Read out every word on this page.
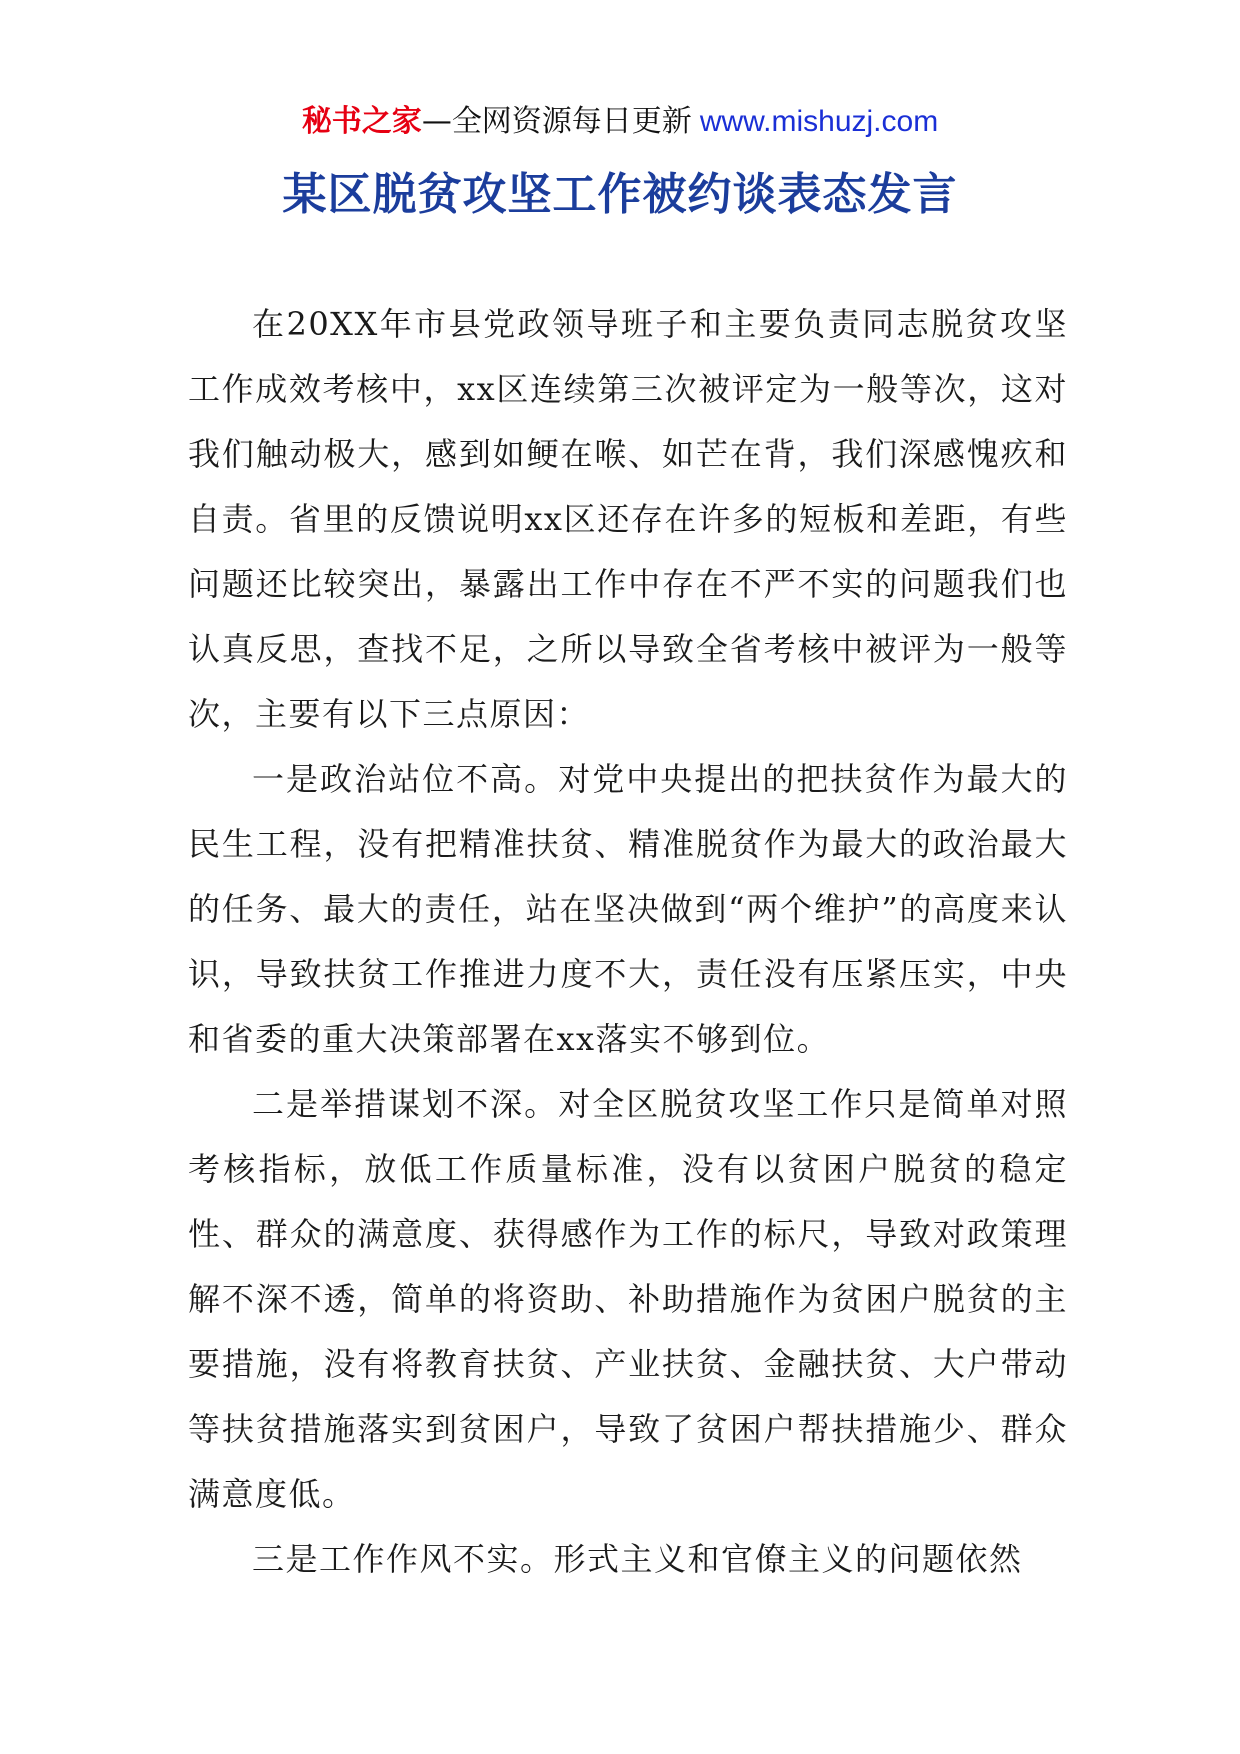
秘书之家—全网资源每日更新 www.mishuzj.com
某区脱贫攻坚工作被约谈表态发言

在20XX年市县党政领导班子和主要负责同志脱贫攻坚工作成效考核中，xx区连续第三次被评定为一般等次，这对我们触动极大，感到如鲠在喉、如芒在背，我们深感愧疚和自责。省里的反馈说明xx区还存在许多的短板和差距，有些问题还比较突出，暴露出工作中存在不严不实的问题我们也认真反思，查找不足，之所以导致全省考核中被评为一般等次，主要有以下三点原因：

一是政治站位不高。对党中央提出的把扶贫作为最大的民生工程，没有把精准扶贫、精准脱贫作为最大的政治最大的任务、最大的责任，站在坚决做到“两个维护”的高度来认识，导致扶贫工作推进力度不大，责任没有压紧压实，中央和省委的重大决策部署在xx落实不够到位。

二是举措谋划不深。对全区脱贫攻坚工作只是简单对照考核指标，放低工作质量标准，没有以贫困户脱贫的稳定性、群众的满意度、获得感作为工作的标尺，导致对政策理解不深不透，简单的将资助、补助措施作为贫困户脱贫的主要措施，没有将教育扶贫、产业扶贫、金融扶贫、大户带动等扶贫措施落实到贫困户，导致了贫困户帮扶措施少、群众满意度低。

三是工作作风不实。形式主义和官僚主义的问题依然
